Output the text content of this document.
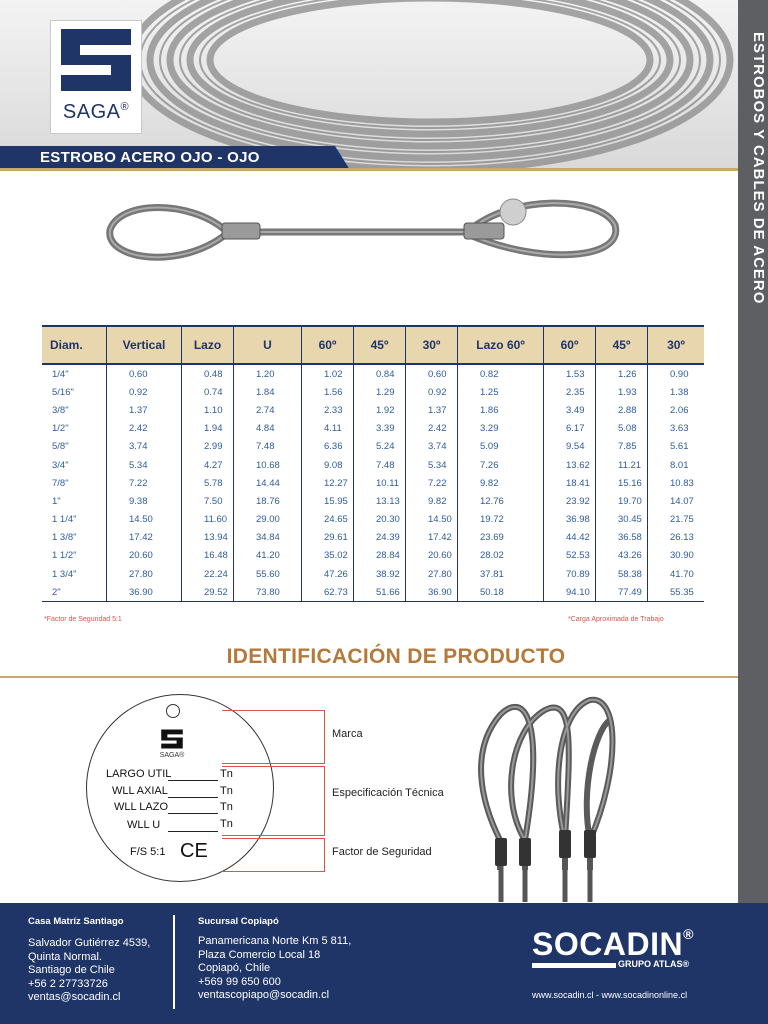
SAGA®
ESTROBO ACERO OJO - OJO	ESTROBOS Y CABLES DE ACERO
Diam.	Vertical	Lazo	U	60º	45º	30º	Lazo 60º	60º	45º	30º
1/4"	0.60	0.48	1.20	1.02	0.84	0.60	0.82	1.53	1.26	0.90
5/16"	0.92	0.74	1.84	1.56	1.29	0.92	1.25	2.35	1.93	1.38
3/8"	1.37	1.10	2.74	2.33	1.92	1.37	1.86	3.49	2.88	2.06
1/2"	2.42	1.94	4.84	4.11	3.39	2.42	3.29	6.17	5.08	3.63
5/8"	3.74	2.99	7.48	6.36	5.24	3.74	5.09	9.54	7.85	5.61
3/4"	5.34	4.27	10.68	9.08	7.48	5.34	7.26	13.62	11.21	8.01
7/8"	7.22	5.78	14.44	12.27	10.11	7.22	9.82	18.41	15.16	10.83
1"	9.38	7.50	18.76	15.95	13.13	9.82	12.76	23.92	19.70	14.07
1 1/4"	14.50	11.60	29.00	24.65	20.30	14.50	19.72	36.98	30.45	21.75
1 3/8"	17.42	13.94	34.84	29.61	24.39	17.42	23.69	44.42	36.58	26.13
1 1/2"	20.60	16.48	41.20	35.02	28.84	20.60	28.02	52.53	43.26	30.90
1 3/4"	27.80	22.24	55.60	47.26	38.92	27.80	37.81	70.89	58.38	41.70
2"	36.90	29.52	73.80	62.73	51.66	36.90	50.18	94.10	77.49	55.35
*Factor de Seguridad 5:1	*Carga Aproximada de Trabajo
IDENTIFICACIÓN DE PRODUCTO
SAGA®
LARGO UTIL	Tn
WLL AXIAL	Tn
WLL LAZO	Tn
WLL U	Tn
F/S 5:1 CE
Marca
Especificación Técnica
Factor de Seguridad
Casa Matríz Santiago
Salvador Gutiérrez 4539,
Quinta Normal.
Santiago de Chile
+56 2 27733726
ventas@socadin.cl
Sucursal Copiapó
Panamericana Norte Km 5 811,
Plaza Comercio Local 18
Copiapó, Chile
+569 99 650 600
ventascopiapo@socadin.cl
SOCADIN®
GRUPO ATLAS®
www.socadin.cl - www.socadinonline.cl
